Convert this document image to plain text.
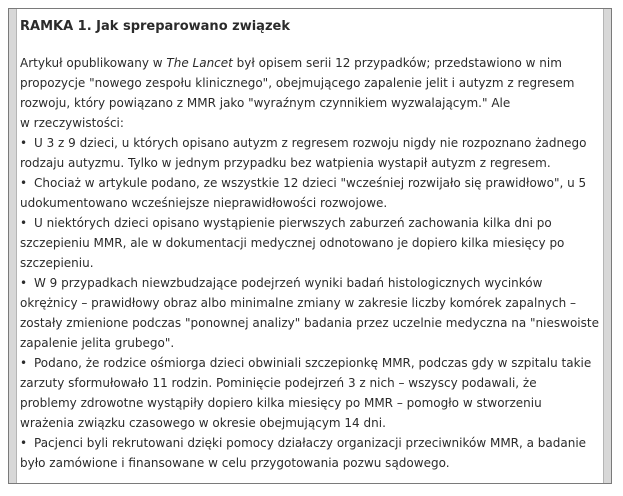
RAMKA 1. Jak spreparowano związek

Artykuł opublikowany w The Lancet był opisem serii 12 przypadków; przedstawiono w nim
propozycje "nowego zespołu klinicznego", obejmującego zapalenie jelit i autyzm z regresem
rozwoju, który powiązano z MMR jako "wyraźnym czynnikiem wyzwalającym." Ale
w rzeczywistości:

• U 3 z 9 dzieci, u których opisano autyzm z regresem rozwoju nigdy nie rozpoznano żadnego
rodzaju autyzmu. Tylko w jednym przypadku bez watpienia wystapił autyzm z regresem.
• Chociaż w artykule podano, ze wszystkie 12 dzieci "wcześniej rozwijało się prawidłowo", u 5
udokumentowano wcześniejsze nieprawidłowości rozwojowe.
• U niektórych dzieci opisano wystąpienie pierwszych zaburzeń zachowania kilka dni po
szczepieniu MMR, ale w dokumentacji medycznej odnotowano je dopiero kilka miesięcy po
szczepieniu.
• W 9 przypadkach niewzbudzające podejrzeń wyniki badań histologicznych wycinków
okrężnicy – prawidłowy obraz albo minimalne zmiany w zakresie liczby komórek zapalnych –
zostały zmienione podczas "ponownej analizy" badania przez uczelnie medyczna na "nieswoiste
zapalenie jelita grubego".
• Podano, że rodzice ośmiorga dzieci obwiniali szczepionkę MMR, podczas gdy w szpitalu takie
zarzuty sformułowało 11 rodzin. Pominięcie podejrzeń 3 z nich – wszyscy podawali, że
problemy zdrowotne wystąpiły dopiero kilka miesięcy po MMR – pomogło w stworzeniu
wrażenia związku czasowego w okresie obejmującym 14 dni.
• Pacjenci byli rekrutowani dzięki pomocy działaczy organizacji przeciwników MMR, a badanie
było zamówione i finansowane w celu przygotowania pozwu sądowego.
